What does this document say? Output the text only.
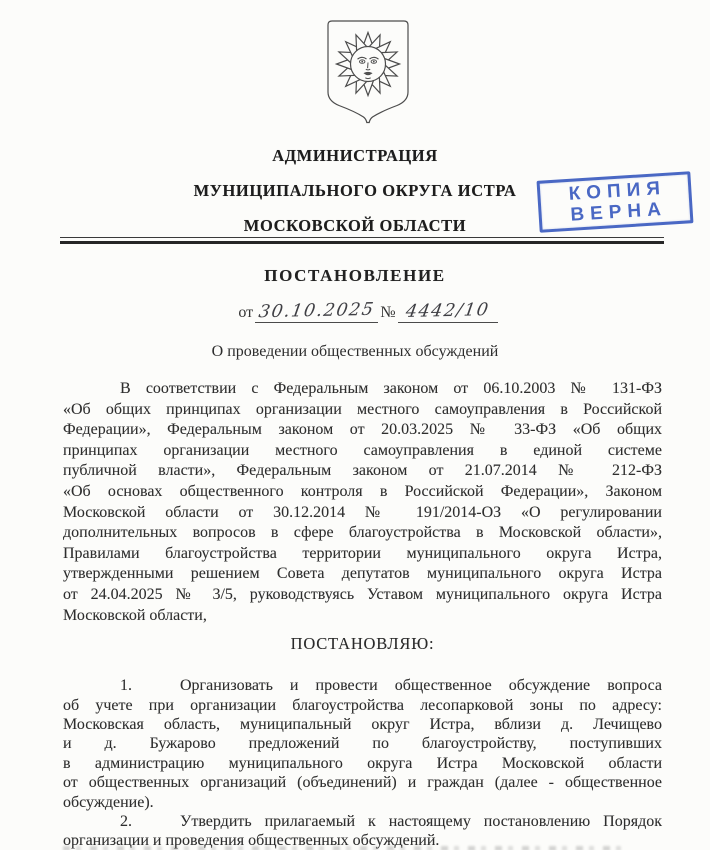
АДМИНИСТРАЦИЯ
МУНИЦИПАЛЬНОГО ОКРУГА ИСТРА
МОСКОВСКОЙ ОБЛАСТИ
КОПИЯ
ВЕРНА
ПОСТАНОВЛЕНИЕ
от 30.10.2025 № 4442/10
О проведении общественных обсуждений
В соответствии с Федеральным законом от 06.10.2003 № 131-ФЗ
«Об общих принципах организации местного самоуправления в Российской
Федерации», Федеральным законом от 20.03.2025 № 33-ФЗ «Об общих
принципах организации местного самоуправления в единой системе
публичной власти», Федеральным законом от 21.07.2014 № 212-ФЗ
«Об основах общественного контроля в Российской Федерации», Законом
Московской области от 30.12.2014 № 191/2014-ОЗ «О регулировании
дополнительных вопросов в сфере благоустройства в Московской области»,
Правилами благоустройства территории муниципального округа Истра,
утвержденными решением Совета депутатов муниципального округа Истра
от 24.04.2025 № 3/5, руководствуясь Уставом муниципального округа Истра
Московской области,
ПОСТАНОВЛЯЮ:
1.   Организовать и провести общественное обсуждение вопроса
об учете при организации благоустройства лесопарковой зоны по адресу:
Московская область, муниципальный округ Истра, вблизи д. Лечищево
и д. Бужарово предложений по благоустройству, поступивших
в администрацию муниципального округа Истра Московской области
от общественных организаций (объединений) и граждан (далее - общественное
обсуждение).
2.   Утвердить прилагаемый к настоящему постановлению Порядок
организации и проведения общественных обсуждений.
